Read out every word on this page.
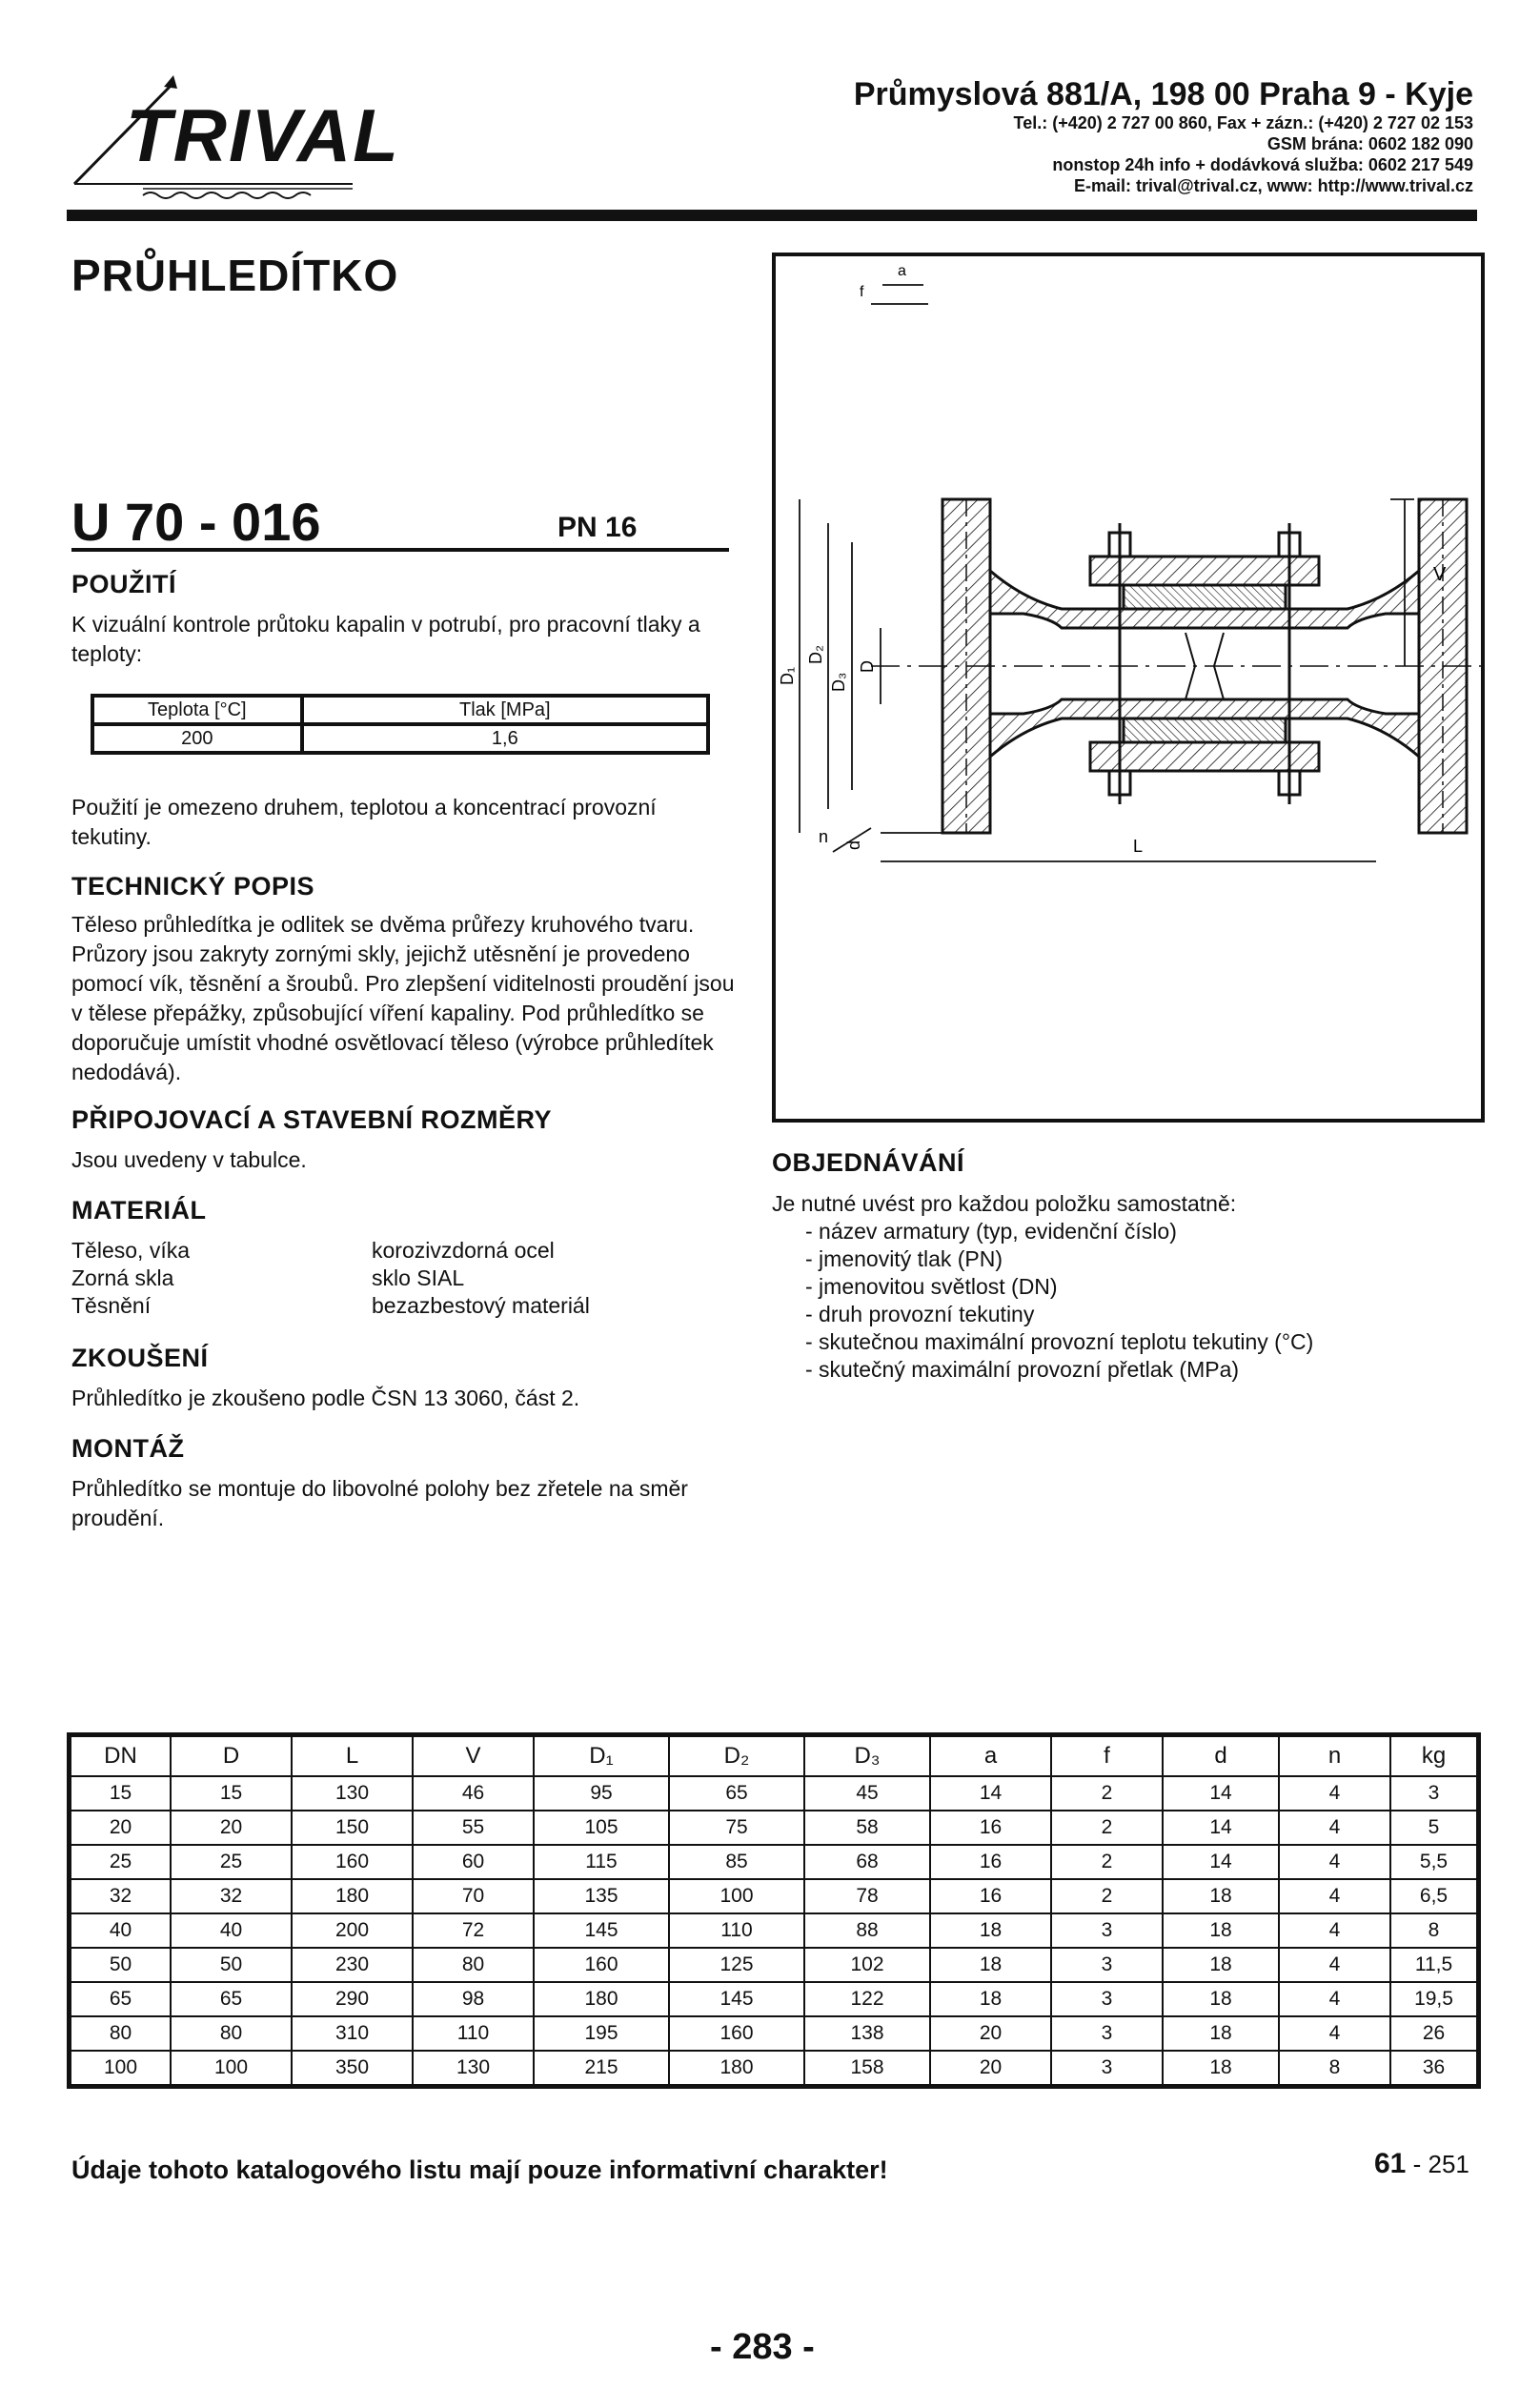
TRIVAL	Průmyslová 881/A, 198 00 Praha 9 - Kyje
Tel.: (+420) 2 727 00 860, Fax + zázn.: (+420) 2 727 02 153
GSM brána: 0602 182 090
nonstop 24h info + dodávková služba: 0602 217 549
E-mail: trival@trival.cz, www: http://www.trival.cz
PRŮHLEDÍTKO
U 70 - 016	PN 16
POUŽITÍ
K vizuální kontrole průtoku kapalin v potrubí, pro pracovní tlaky a teploty:
Teplota [°C]	Tlak [MPa]
200	1,6
Použití je omezeno druhem, teplotou a koncentrací provozní tekutiny.
TECHNICKÝ POPIS
Těleso průhledítka je odlitek se dvěma průřezy kruhového tvaru. Průzory jsou zakryty zornými skly, jejichž utěsnění je provedeno pomocí vík, těsnění a šroubů. Pro zlepšení viditelnosti proudění jsou v tělese přepážky, způsobující víření kapaliny. Pod průhledítko se doporučuje umístit vhodné osvětlovací těleso (výrobce průhledítek nedodává).
PŘIPOJOVACÍ A STAVEBNÍ ROZMĚRY
Jsou uvedeny v tabulce.
MATERIÁL
Těleso, víka	korozivzdorná ocel
Zorná skla	sklo SIAL
Těsnění	bezazbestový materiál
ZKOUŠENÍ
Průhledítko je zkoušeno podle ČSN 13 3060, část 2.
MONTÁŽ
Průhledítko se montuje do libovolné polohy bez zřetele na směr proudění.
OBJEDNÁVÁNÍ
Je nutné uvést pro každou položku samostatně:
- název armatury (typ, evidenční číslo)
- jmenovitý tlak (PN)
- jmenovitou světlost (DN)
- druh provozní tekutiny
- skutečnou maximální provozní teplotu tekutiny (°C)
- skutečný maximální provozní přetlak (MPa)
a
f
V
D₁
D₂
D₃
D
n d	L
DN	D	L	V	D₁	D₂	D₃	a	f	d	n	kg
15	15	130	46	95	65	45	14	2	14	4	3
20	20	150	55	105	75	58	16	2	14	4	5
25	25	160	60	115	85	68	16	2	14	4	5,5
32	32	180	70	135	100	78	16	2	18	4	6,5
40	40	200	72	145	110	88	18	3	18	4	8
50	50	230	80	160	125	102	18	3	18	4	11,5
65	65	290	98	180	145	122	18	3	18	4	19,5
80	80	310	110	195	160	138	20	3	18	4	26
100	100	350	130	215	180	158	20	3	18	8	36
Údaje tohoto katalogového listu mají pouze informativní charakter!	61 - 251
- 283 -
